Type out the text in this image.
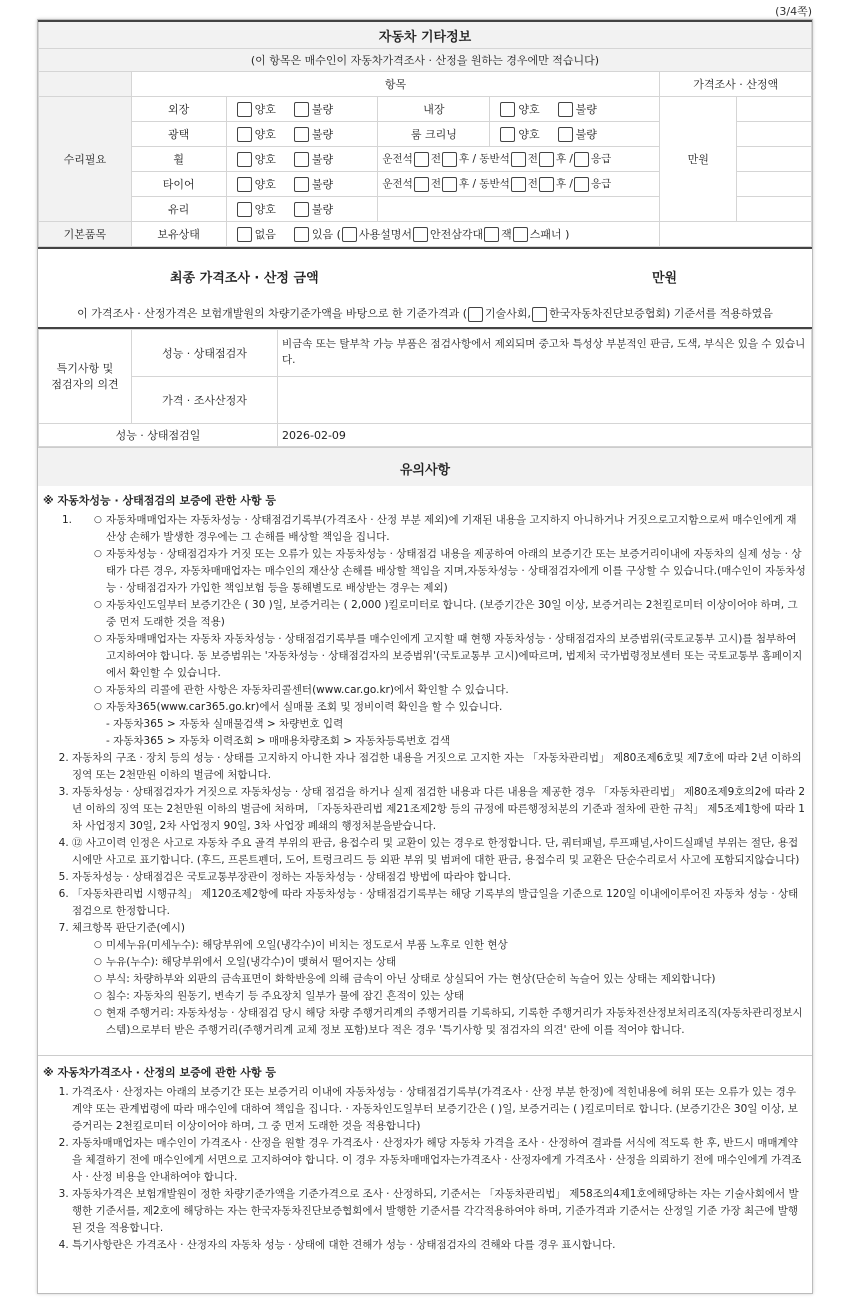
(3/4쪽)
자동차 기타정보						
(이 항목은 매수인이 자동차가격조사 · 산정을 원하는 경우에만 적습니다)						
	항목				가격조사 · 산정액	
수리필요	외장	양호 불량	내장	양호 불량	만원	
	광택	양호 불량	룸 크리닝	양호 불량		
	휠	양호 불량	운전석 전 후 / 동반석 전 후 / 응급			
	타이어	양호 불량	운전석 전 후 / 동반석 전 후 / 응급			
	유리	양호 불량				
기본품목	보유상태	없음 있음 ( 사용설명서 안전삼각대 잭 스패너 )				
최종 가격조사 · 산정 금액	만원
이 가격조사 · 산정가격은 보험개발원의 차량기준가액을 바탕으로 한 기준가격과 ( 기술사회, 한국자동차진단보증협회) 기준서를 적용하였음
특기사항 및
점검자의 의견	성능 · 상태점검자	비금속 또는 탈부착 가능 부품은 점검사항에서 제외되며 중고차 특성상 부분적인 판금, 도색, 부식은 있을 수 있습니다.
	가격 · 조사산정자	
성능 · 상태점검일		2026-02-09
유의사항
※ 자동차성능 · 상태점검의 보증에 관한 사항 등
1.	○ 자동차매매업자는 자동차성능 · 상태점검기록부(가격조사 · 산정 부분 제외)에 기재된 내용을 고지하지 아니하거나 거짓으로고지함으로써 매수인에게 재산상 손해가 발생한 경우에는 그 손해를 배상할 책임을 집니다.
○ 자동차성능 · 상태점검자가 거짓 또는 오류가 있는 자동차성능 · 상태점검 내용을 제공하여 아래의 보증기간 또는 보증거리이내에 자동차의 실제 성능 · 상태가 다른 경우, 자동차매매업자는 매수인의 재산상 손해를 배상할 책임을 지며,자동차성능 · 상태점검자에게 이를 구상할 수 있습니다.(매수인이 자동차성능 · 상태점검자가 가입한 책임보험 등을 통해별도로 배상받는 경우는 제외)
○ 자동차인도일부터 보증기간은 ( 30 )일, 보증거리는 ( 2,000 )킬로미터로 합니다. (보증기간은 30일 이상, 보증거리는 2천킬로미터 이상이어야 하며, 그 중 먼저 도래한 것을 적용)
○ 자동차매매업자는 자동차 자동차성능 · 상태점검기록부를 매수인에게 고지할 때 현행 자동차성능 · 상태점검자의 보증범위(국토교통부 고시)를 첨부하여 고지하여야 합니다. 동 보증범위는 '자동차성능 · 상태점검자의 보증범위'(국토교통부 고시)에따르며, 법제처 국가법령정보센터 또는 국토교통부 홈페이지에서 확인할 수 있습니다.
○ 자동차의 리콜에 관한 사항은 자동차리콜센터(www.car.go.kr)에서 확인할 수 있습니다.
○ 자동차365(www.car365.go.kr)에서 실매물 조회 및 정비이력 확인을 할 수 있습니다.
- 자동차365 > 자동차 실매물검색 > 차량번호 입력
- 자동차365 > 자동차 이력조회 > 매매용차량조회 > 자동차등록번호 검색
2. 자동차의 구조 · 장치 등의 성능 · 상태를 고지하지 아니한 자나 점검한 내용을 거짓으로 고지한 자는 「자동차관리법」 제80조제6호및 제7호에 따라 2년 이하의 징역 또는 2천만원 이하의 벌금에 처합니다.
3. 자동차성능 · 상태점검자가 거짓으로 자동차성능 · 상태 점검을 하거나 실제 점검한 내용과 다른 내용을 제공한 경우 「자동차관리법」 제80조제9호의2에 따라 2년 이하의 징역 또는 2천만원 이하의 벌금에 처하며, 「자동차관리법 제21조제2항 등의 규정에 따른행정처분의 기준과 절차에 관한 규칙」 제5조제1항에 따라 1차 사업정지 30일, 2차 사업정지 90일, 3차 사업장 폐쇄의 행정처분을받습니다.
4. ⑫ 사고이력 인정은 사고로 자동차 주요 골격 부위의 판금, 용접수리 및 교환이 있는 경우로 한정합니다. 단, 쿼터패널, 루프패널,사이드실패널 부위는 절단, 용접 시에만 사고로 표기합니다. (후드, 프론트펜더, 도어, 트렁크리드 등 외판 부위 및 범퍼에 대한 판금, 용접수리 및 교환은 단순수리로서 사고에 포함되지않습니다)
5. 자동차성능 · 상태점검은 국토교통부장관이 정하는 자동차성능 · 상태점검 방법에 따라야 합니다.
6. 「자동차관리법 시행규칙」 제120조제2항에 따라 자동차성능 · 상태점검기록부는 해당 기록부의 발급일을 기준으로 120일 이내에이루어진 자동차 성능 · 상태점검으로 한정합니다.
7. 체크항목 판단기준(예시)
○ 미세누유(미세누수): 해당부위에 오일(냉각수)이 비치는 정도로서 부품 노후로 인한 현상
○ 누유(누수): 해당부위에서 오일(냉각수)이 맺혀서 떨어지는 상태
○ 부식: 차량하부와 외판의 금속표면이 화학반응에 의해 금속이 아닌 상태로 상실되어 가는 현상(단순히 녹슬어 있는 상태는 제외합니다)
○ 침수: 자동차의 원동기, 변속기 등 주요장치 일부가 물에 잠긴 흔적이 있는 상태
○ 현재 주행거리: 자동차성능 · 상태점검 당시 해당 차량 주행거리계의 주행거리를 기록하되, 기록한 주행거리가 자동차전산정보처리조직(자동차관리정보시스템)으로부터 받은 주행거리(주행거리계 교체 정보 포함)보다 적은 경우 '특기사항 및 점검자의 의견' 란에 이를 적어야 합니다.
※ 자동차가격조사 · 산정의 보증에 관한 사항 등
1. 가격조사 · 산정자는 아래의 보증기간 또는 보증거리 이내에 자동차성능 · 상태점검기록부(가격조사 · 산정 부분 한정)에 적힌내용에 허위 또는 오류가 있는 경우 계약 또는 관계법령에 따라 매수인에 대하여 책임을 집니다. · 자동차인도일부터 보증기간은 ( )일, 보증거리는 ( )킬로미터로 합니다. (보증기간은 30일 이상, 보증거리는 2천킬로미터 이상이어야 하며, 그 중 먼저 도래한 것을 적용합니다)
2. 자동차매매업자는 매수인이 가격조사 · 산정을 원할 경우 가격조사 · 산정자가 해당 자동차 가격을 조사 · 산정하여 결과를 서식에 적도록 한 후, 반드시 매매계약을 체결하기 전에 매수인에게 서면으로 고지하여야 합니다. 이 경우 자동차매매업자는가격조사 · 산정자에게 가격조사 · 산정을 의뢰하기 전에 매수인에게 가격조사 · 산정 비용을 안내하여야 합니다.
3. 자동차가격은 보험개발원이 정한 차량기준가액을 기준가격으로 조사 · 산정하되, 기준서는 「자동차관리법」 제58조의4제1호에해당하는 자는 기술사회에서 발행한 기준서를, 제2호에 해당하는 자는 한국자동차진단보증협회에서 발행한 기준서를 각각적용하여야 하며, 기준가격과 기준서는 산정일 기준 가장 최근에 발행된 것을 적용합니다.
4. 특기사항란은 가격조사 · 산정자의 자동차 성능 · 상태에 대한 견해가 성능 · 상태점검자의 견해와 다를 경우 표시합니다.
